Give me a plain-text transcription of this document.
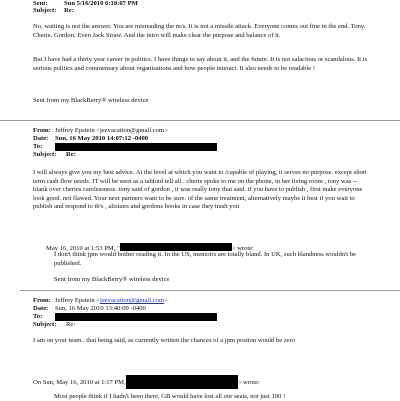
Sent: Sun 5/16/2010 6:18:07 PM
Subject: Re:
No, waiting is not the answer. You are misreading the m/s. It is not a missile attack. Everyone comes out fine in the end. Tony. Cherie. Gordon. Even Jack Straw. And the intro will make clear the purpose and balance of it.
But I have had a thirty year career in politics. I have things to say about it, and the future. It is not salacious or scandalous. It is serious politics and commentary about organisations and how people interact. It also needs to be readable !
Sent from my BlackBerry® wireless device
From: Jeffrey Epstein <jeevacation@gmail.com>
Date: Sun, 16 May 2010 14:07:12 -0400
To:
Subject: Re:
I will always give you my best advice. At the level at which you want to /capable of playing, it serves no purpose. except short term cash flow needs. IT will be seen as a tabloid tell all . cherie spoke to me on the phone, in her living room , tony was -- blank over cheries carelessness. tony said of gordon , it was really tony that said. if you have to publish , first make everyone look good. not flawed. Your next partners want to be sure. of the same treatment, alternatively maybe it best if you wait to publish and respond to tb's , alistairs and gordons books in case they trash you
May 16, 2010 at 1:53 PM, "	> wrote:
I don't think jpm would bother reading it. In the US, memoirs are totally bland. In UK, such blandness wouldn't be published.
Sent from my BlackBerry® wireless device
From: Jeffrey Epstein <jeevacation@gmail.com>
Date: Sun, 16 May 2010 13:40:09 -0400
To:
Subject: Re:
I am on your team.. that being said, as currently written the chances of a jpm positon would be zero
On Sun, May 16, 2010 at 1:17 PM,	> wrote:
Most people think if I hadn't been there, GB would have lost all our seats, not just 100 !
